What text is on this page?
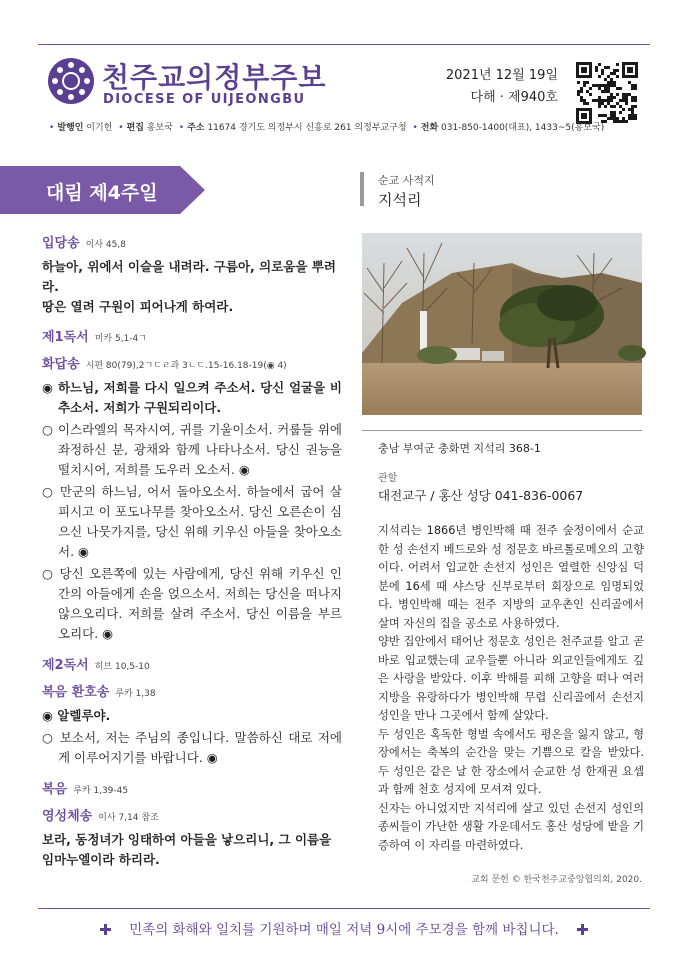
천주교의정부주보
DIOCESE OF UIJEONGBU
2021년 12월 19일
다해 · 제940호
• 발행인 이기헌 • 편집 홍보국 • 주소 11674 경기도 의정부시 신흥로 261 의정부교구청 • 전화 031-850-1400(대표), 1433~5(홍보국)
대림 제4주일
입당송 이사 45,8
하늘아, 위에서 이슬을 내려라. 구름아, 의로움을 뿌려라.
땅은 열려 구원이 피어나게 하여라.
제1독서 미카 5,1-4ㄱ
화답송 시편 80(79),2ㄱㄷㄹ과 3ㄴㄷ.15-16.18-19(◉ 4)
◉ 하느님, 저희를 다시 일으켜 주소서. 당신 얼굴을 비추소서. 저희가 구원되리이다.
○ 이스라엘의 목자시여, 귀를 기울이소서. 커룹들 위에 좌정하신 분, 광채와 함께 나타나소서. 당신 권능을 떨치시어, 저희를 도우러 오소서. ◉
○ 만군의 하느님, 어서 돌아오소서. 하늘에서 굽어 살피시고 이 포도나무를 찾아오소서. 당신 오른손이 심으신 나뭇가지를, 당신 위해 키우신 아들을 찾아오소서. ◉
○ 당신 오른쪽에 있는 사람에게, 당신 위해 키우신 인간의 아들에게 손을 얹으소서. 저희는 당신을 떠나지 않으오리다. 저희를 살려 주소서. 당신 이름을 부르오리다. ◉
제2독서 히브 10,5-10
복음 환호송 루카 1,38
◉ 알렐루야.
○ 보소서, 저는 주님의 종입니다. 말씀하신 대로 저에게 이루어지기를 바랍니다. ◉
복음 루카 1,39-45
영성체송 이사 7,14 참조
보라, 동정녀가 잉태하여 아들을 낳으리니, 그 이름을 임마누엘이라 하리라.
순교 사적지
지석리
충남 부여군 충화면 지석리 368-1
관할
대전교구 / 홍산 성당 041-836-0067

지석리는 1866년 병인박해 때 전주 숲정이에서 순교한 성 손선지 베드로와 성 정문호 바르톨로메오의 고향이다. 어려서 입교한 손선지 성인은 열렬한 신앙심 덕분에 16세 때 샤스당 신부로부터 회장으로 임명되었다. 병인박해 때는 전주 지방의 교우촌인 신리골에서 살며 자신의 집을 공소로 사용하였다.

양반 집안에서 태어난 정문호 성인은 천주교를 알고 곧바로 입교했는데 교우들뿐 아니라 외교인들에게도 깊은 사랑을 받았다. 이후 박해를 피해 고향을 떠나 여러 지방을 유랑하다가 병인박해 무렵 신리골에서 손선지 성인을 만나 그곳에서 함께 살았다.

두 성인은 혹독한 형벌 속에서도 평온을 잃지 않고, 형장에서는 축복의 순간을 맞는 기쁨으로 칼을 받았다. 두 성인은 같은 날 한 장소에서 순교한 성 한재권 요셉과 함께 천호 성지에 모셔져 있다.

신자는 아니었지만 지석리에 살고 있던 손선지 성인의 종씨들이 가난한 생활 가운데서도 홍산 성당에 밭을 기증하여 이 자리를 마련하였다.

교회 문헌 © 한국천주교중앙협의회, 2020.
민족의 화해와 일치를 기원하며 매일 저녁 9시에 주모경을 함께 바칩니다.
